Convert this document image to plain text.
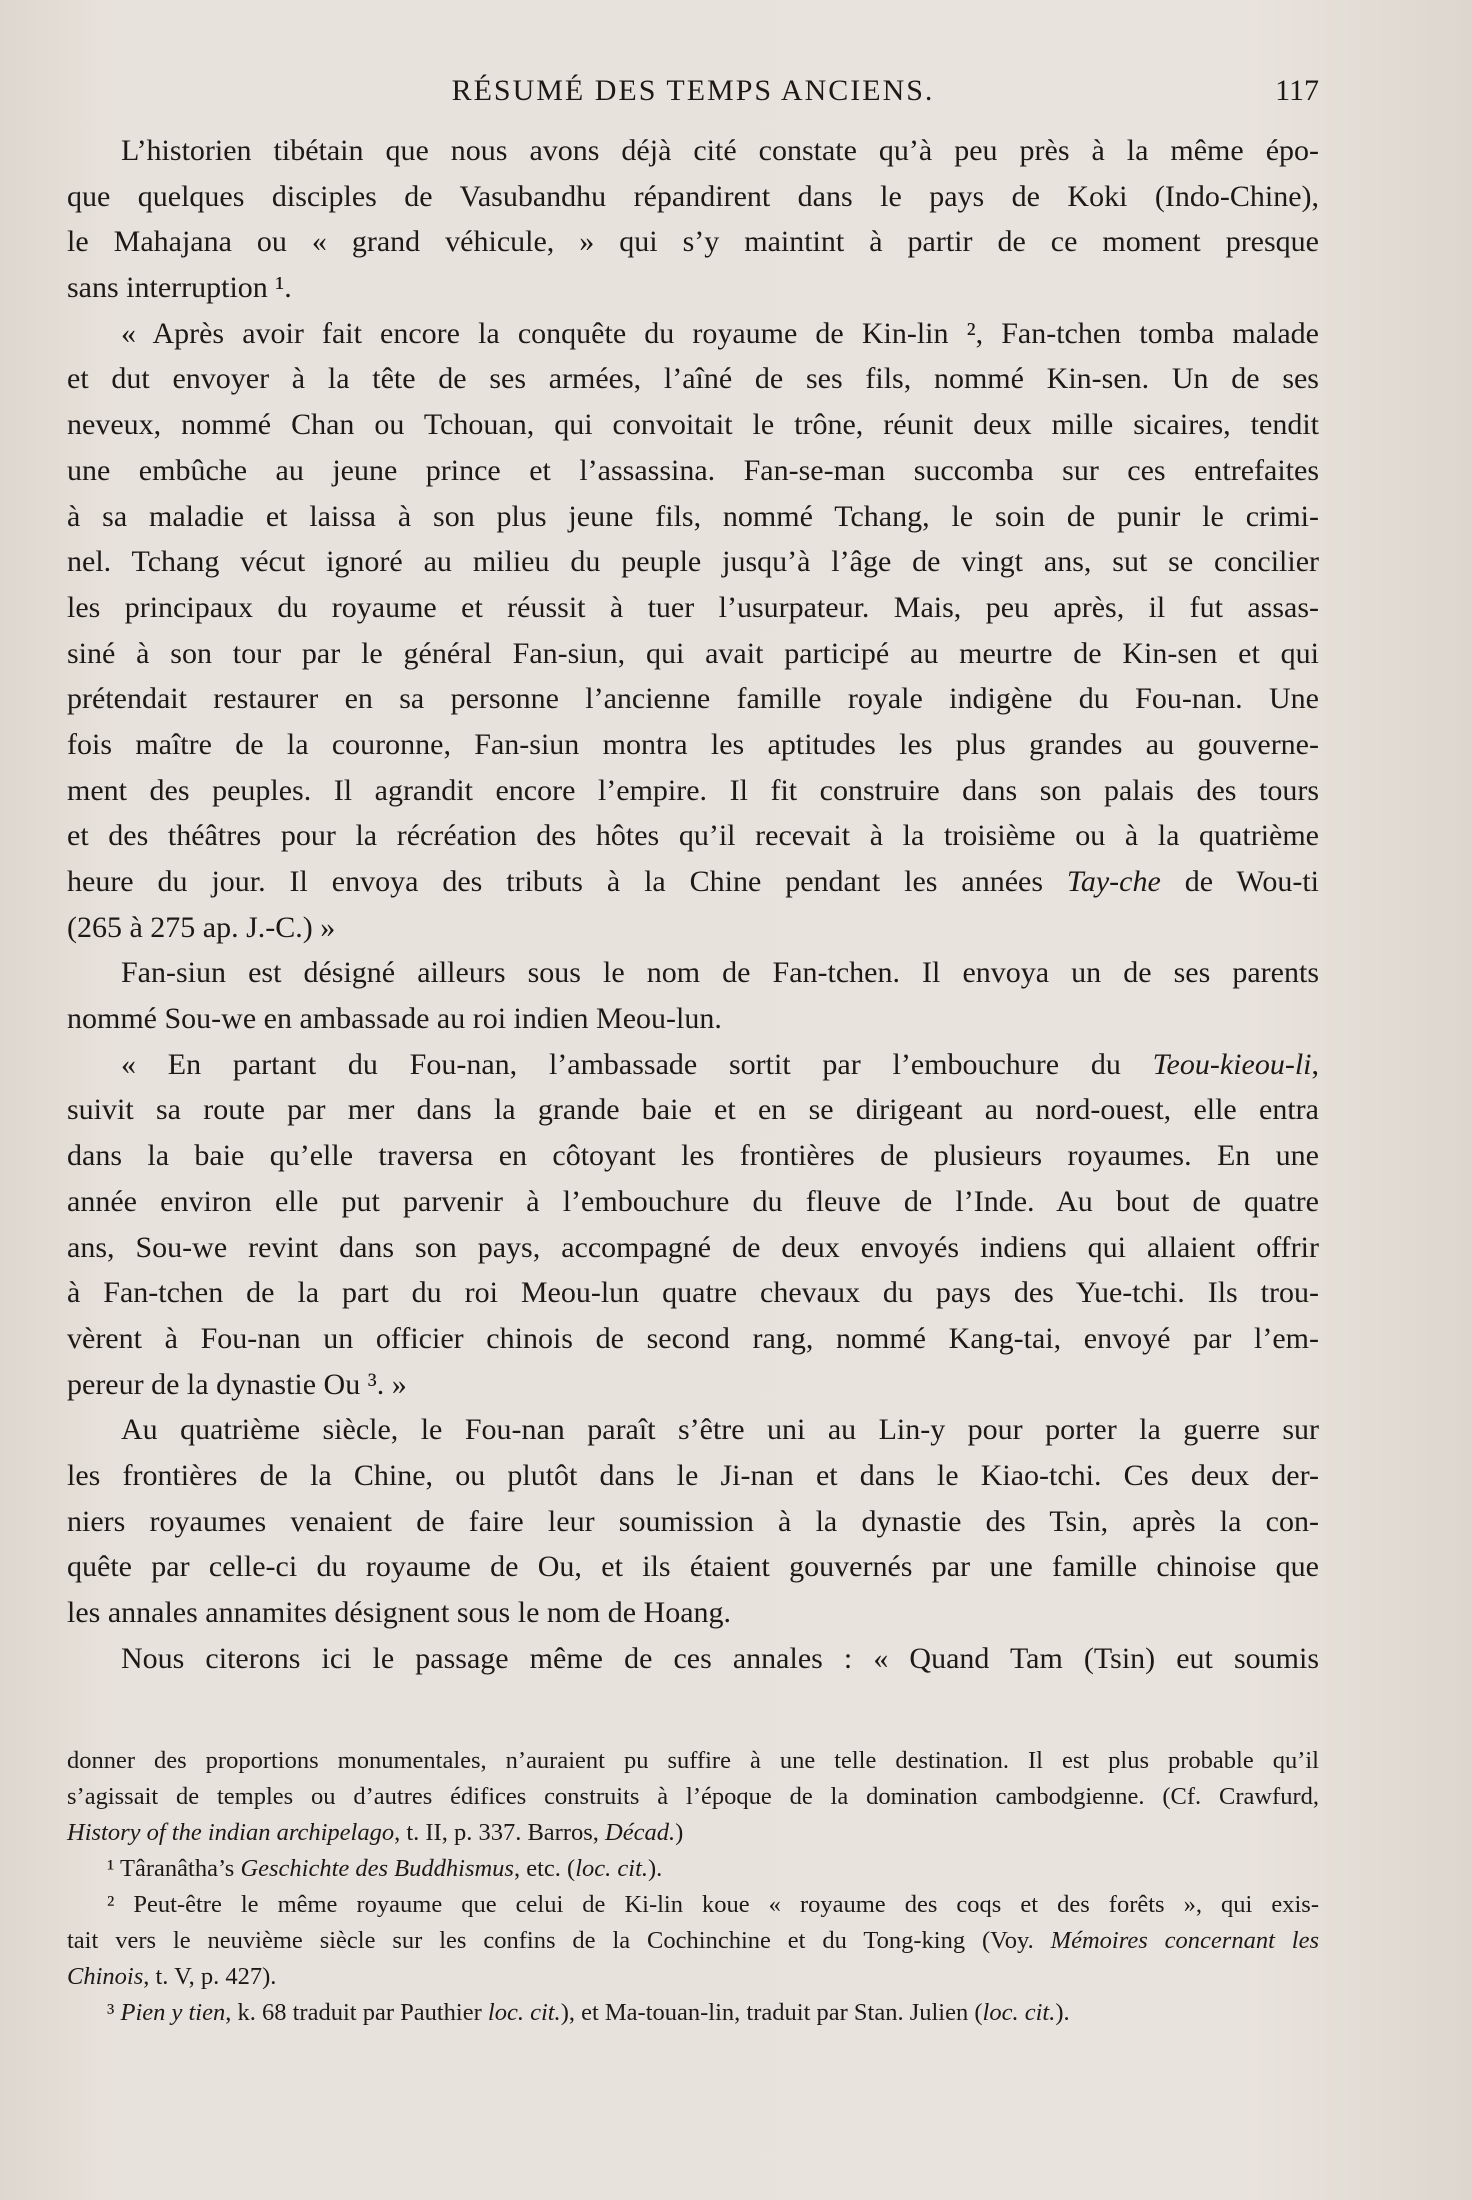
RÉSUMÉ DES TEMPS ANCIENS.	117
L’historien tibétain que nous avons déjà cité constate qu’à peu près à la même épo-
que quelques disciples de Vasubandhu répandirent dans le pays de Koki (Indo-Chine),
le Mahajana ou « grand véhicule, » qui s’y maintint à partir de ce moment presque
sans interruption ¹.
« Après avoir fait encore la conquête du royaume de Kin-lin ², Fan-tchen tomba malade
et dut envoyer à la tête de ses armées, l’aîné de ses fils, nommé Kin-sen. Un de ses
neveux, nommé Chan ou Tchouan, qui convoitait le trône, réunit deux mille sicaires, tendit
une embûche au jeune prince et l’assassina. Fan-se-man succomba sur ces entrefaites
à sa maladie et laissa à son plus jeune fils, nommé Tchang, le soin de punir le crimi-
nel. Tchang vécut ignoré au milieu du peuple jusqu’à l’âge de vingt ans, sut se concilier
les principaux du royaume et réussit à tuer l’usurpateur. Mais, peu après, il fut assas-
siné à son tour par le général Fan-siun, qui avait participé au meurtre de Kin-sen et qui
prétendait restaurer en sa personne l’ancienne famille royale indigène du Fou-nan. Une
fois maître de la couronne, Fan-siun montra les aptitudes les plus grandes au gouverne-
ment des peuples. Il agrandit encore l’empire. Il fit construire dans son palais des tours
et des théâtres pour la récréation des hôtes qu’il recevait à la troisième ou à la quatrième
heure du jour. Il envoya des tributs à la Chine pendant les années Tay-che de Wou-ti
(265 à 275 ap. J.-C.) »
Fan-siun est désigné ailleurs sous le nom de Fan-tchen. Il envoya un de ses parents
nommé Sou-we en ambassade au roi indien Meou-lun.
« En partant du Fou-nan, l’ambassade sortit par l’embouchure du Teou-kieou-li,
suivit sa route par mer dans la grande baie et en se dirigeant au nord-ouest, elle entra
dans la baie qu’elle traversa en côtoyant les frontières de plusieurs royaumes. En une
année environ elle put parvenir à l’embouchure du fleuve de l’Inde. Au bout de quatre
ans, Sou-we revint dans son pays, accompagné de deux envoyés indiens qui allaient offrir
à Fan-tchen de la part du roi Meou-lun quatre chevaux du pays des Yue-tchi. Ils trou-
vèrent à Fou-nan un officier chinois de second rang, nommé Kang-tai, envoyé par l’em-
pereur de la dynastie Ou ³. »
Au quatrième siècle, le Fou-nan paraît s’être uni au Lin-y pour porter la guerre sur
les frontières de la Chine, ou plutôt dans le Ji-nan et dans le Kiao-tchi. Ces deux der-
niers royaumes venaient de faire leur soumission à la dynastie des Tsin, après la con-
quête par celle-ci du royaume de Ou, et ils étaient gouvernés par une famille chinoise que
les annales annamites désignent sous le nom de Hoang.
Nous citerons ici le passage même de ces annales : « Quand Tam (Tsin) eut soumis
donner des proportions monumentales, n’auraient pu suffire à une telle destination. Il est plus probable qu’il
s’agissait de temples ou d’autres édifices construits à l’époque de la domination cambodgienne. (Cf. Crawfurd,
History of the indian archipelago, t. II, p. 337. Barros, Décad.)
¹ Târanâtha’s Geschichte des Buddhismus, etc. (loc. cit.).
² Peut-être le même royaume que celui de Ki-lin koue « royaume des coqs et des forêts », qui exis-
tait vers le neuvième siècle sur les confins de la Cochinchine et du Tong-king (Voy. Mémoires concernant les
Chinois, t. V, p. 427).
³ Pien y tien, k. 68 traduit par Pauthier loc. cit.), et Ma-touan-lin, traduit par Stan. Julien (loc. cit.).
